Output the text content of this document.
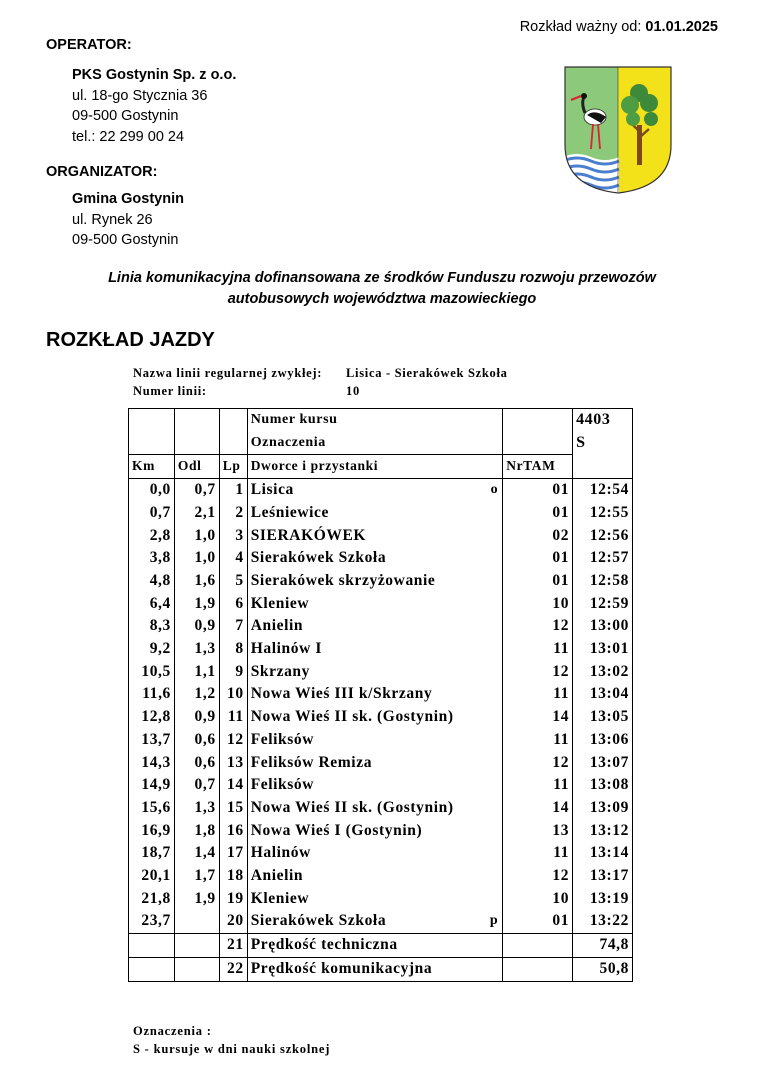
Rozkład ważny od: 01.01.2025
OPERATOR:
PKS Gostynin Sp. z o.o.
ul. 18-go Stycznia 36
09-500 Gostynin
tel.: 22 299 00 24
ORGANIZATOR:
Gmina Gostynin
ul. Rynek 26
09-500 Gostynin
Linia komunikacyjna dofinansowana ze środków Funduszu rozwoju przewozów
autobusowych województwa mazowieckiego
ROZKŁAD JAZDY
Nazwa linii regularnej zwykłej: Lisica - Sierakówek Szkoła
Numer linii:	10
			Numer kursu		4403
			Oznaczenia		S
Km	Odl	Lp	Dworce i przystanki	NrTAM	
0,0	0,7	1	Lisica o	01	12:54
0,7	2,1	2	Leśniewice	01	12:55
2,8	1,0	3	SIERAKÓWEK	02	12:56
3,8	1,0	4	Sierakówek Szkoła	01	12:57
4,8	1,6	5	Sierakówek skrzyżowanie	01	12:58
6,4	1,9	6	Kleniew	10	12:59
8,3	0,9	7	Anielin	12	13:00
9,2	1,3	8	Halinów I	11	13:01
10,5	1,1	9	Skrzany	12	13:02
11,6	1,2	10	Nowa Wieś III k/Skrzany	11	13:04
12,8	0,9	11	Nowa Wieś II sk. (Gostynin)	14	13:05
13,7	0,6	12	Feliksów	11	13:06
14,3	0,6	13	Feliksów Remiza	12	13:07
14,9	0,7	14	Feliksów	11	13:08
15,6	1,3	15	Nowa Wieś II sk. (Gostynin)	14	13:09
16,9	1,8	16	Nowa Wieś I (Gostynin)	13	13:12
18,7	1,4	17	Halinów	11	13:14
20,1	1,7	18	Anielin	12	13:17
21,8	1,9	19	Kleniew	10	13:19
23,7		20	Sierakówek Szkoła p	01	13:22
		21	Prędkość techniczna		74,8
		22	Prędkość komunikacyjna		50,8
Oznaczenia :
S - kursuje w dni nauki szkolnej
